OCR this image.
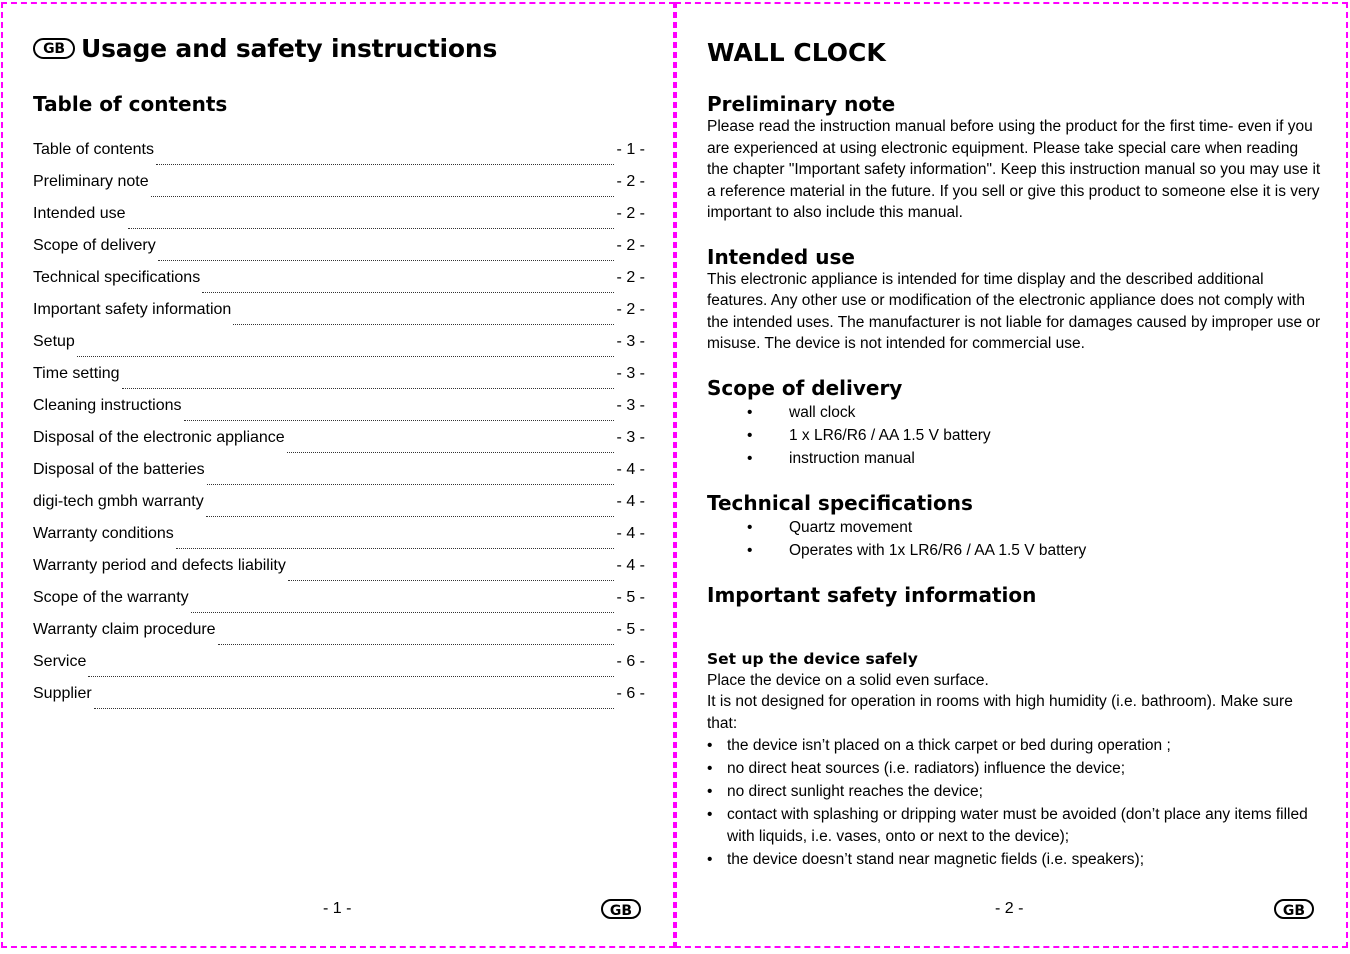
GB Usage and safety instructions
Table of contents
Table of contents	- 1 -
Preliminary note	- 2 -
Intended use	- 2 -
Scope of delivery	- 2 -
Technical specifications	- 2 -
Important safety information	- 2 -
Setup	- 3 -
Time setting	- 3 -
Cleaning instructions	- 3 -
Disposal of the electronic appliance	- 3 -
Disposal of the batteries	- 4 -
digi-tech gmbh warranty	- 4 -
Warranty conditions	- 4 -
Warranty period and defects liability	- 4 -
Scope of the warranty	- 5 -
Warranty claim procedure	- 5 -
Service	- 6 -
Supplier	- 6 -
- 1 -	GB
WALL CLOCK
Preliminary note

Please read the instruction manual before using the product for the first time- even if you are experienced at using electronic equipment. Please take special care when reading the chapter "Important safety information". Keep this instruction manual so you may use it a reference material in the future. If you sell or give this product to someone else it is very important to also include this manual.

Intended use

This electronic appliance is intended for time display and the described additional features. Any other use or modification of the electronic appliance does not comply with the intended uses. The manufacturer is not liable for damages caused by improper use or misuse. The device is not intended for commercial use.

Scope of delivery
• wall clock
• 1 x LR6/R6 / AA 1.5 V battery
• instruction manual
Technical specifications
• Quartz movement
• Operates with 1x LR6/R6 / AA 1.5 V battery
Important safety information
Set up the device safely

Place the device on a solid even surface.

It is not designed for operation in rooms with high humidity (i.e. bathroom). Make sure that:

• the device isn’t placed on a thick carpet or bed during operation ;
• no direct heat sources (i.e. radiators) influence the device;
• no direct sunlight reaches the device;
• contact with splashing or dripping water must be avoided (don’t place any items filled with liquids, i.e. vases, onto or next to the device);
• the device doesn’t stand near magnetic fields (i.e. speakers);
- 2 -	GB
